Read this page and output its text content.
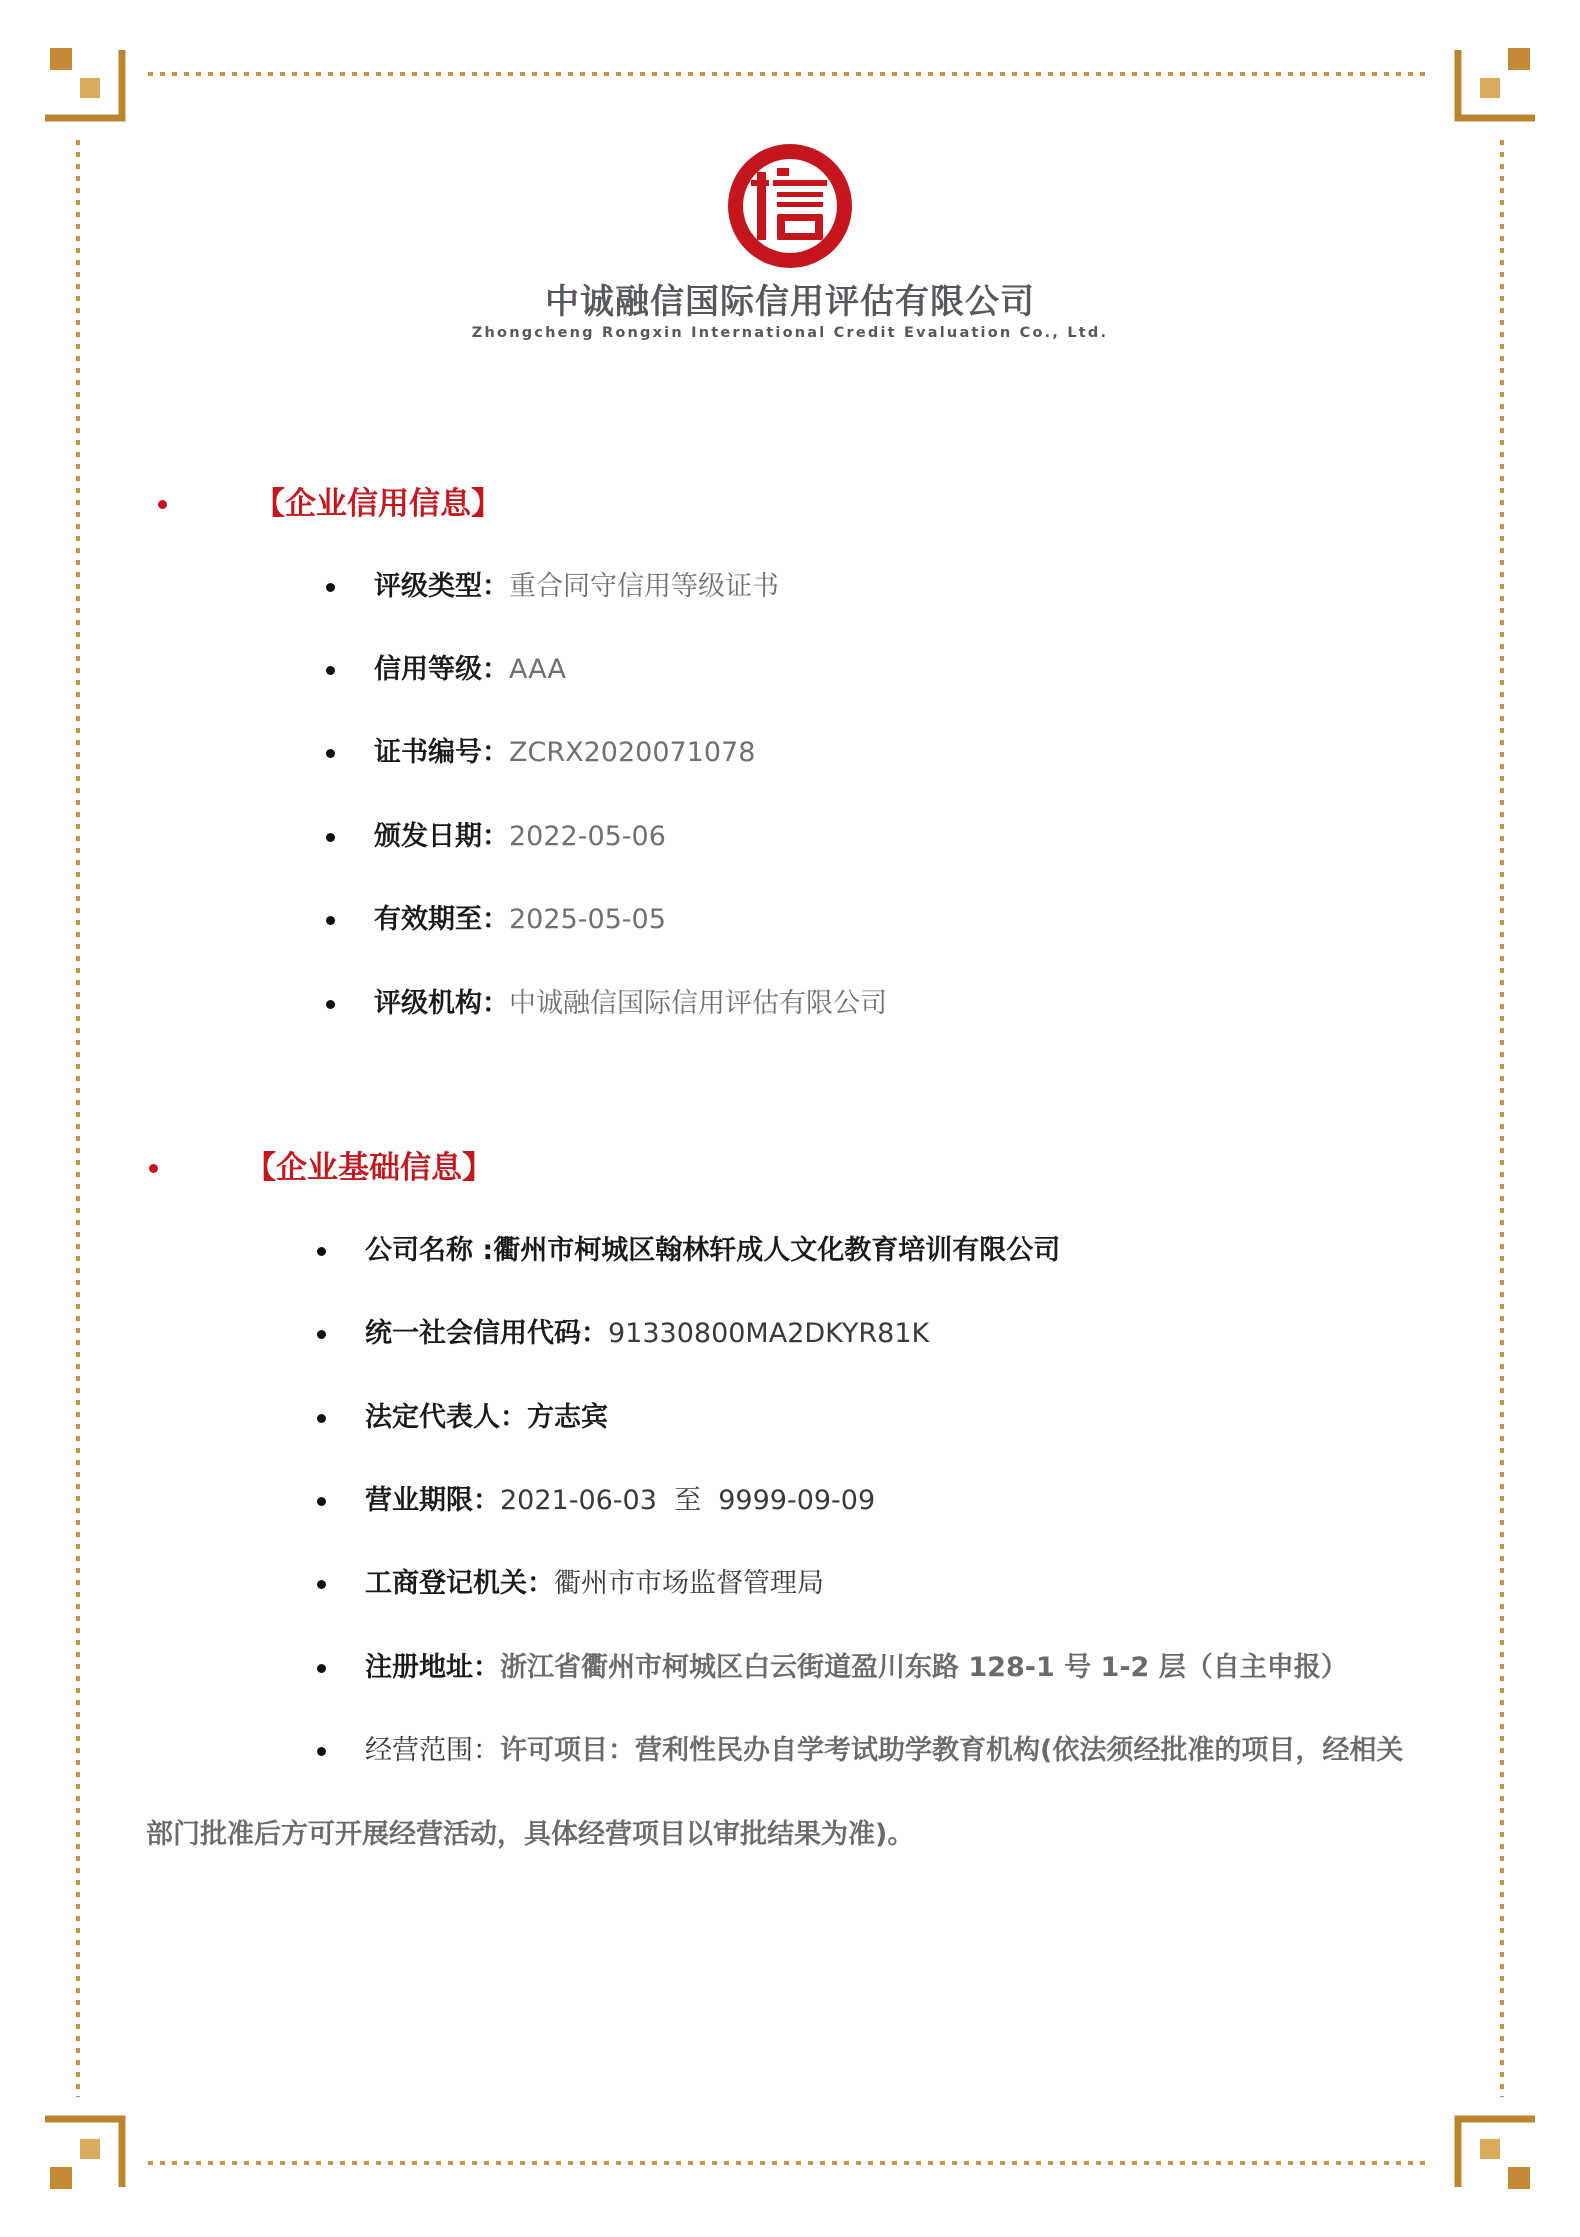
中诚融信国际信用评估有限公司
Zhongcheng Rongxin International Credit Evaluation Co., Ltd.
【企业信用信息】
评级类型：重合同守信用等级证书
信用等级：AAA
证书编号：ZCRX2020071078
颁发日期：2022-05-06
有效期至：2025-05-05
评级机构：中诚融信国际信用评估有限公司
【企业基础信息】
公司名称 :衢州市柯城区翰林轩成人文化教育培训有限公司
统一社会信用代码：91330800MA2DKYR81K
法定代表人：方志宾
营业期限：2021-06-03  至  9999-09-09
工商登记机关：衢州市市场监督管理局
注册地址：浙江省衢州市柯城区白云街道盈川东路 128-1 号 1-2 层（自主申报）
经营范围：许可项目：营利性民办自学考试助学教育机构(依法须经批准的项目，经相关
部门批准后方可开展经营活动，具体经营项目以审批结果为准)。
